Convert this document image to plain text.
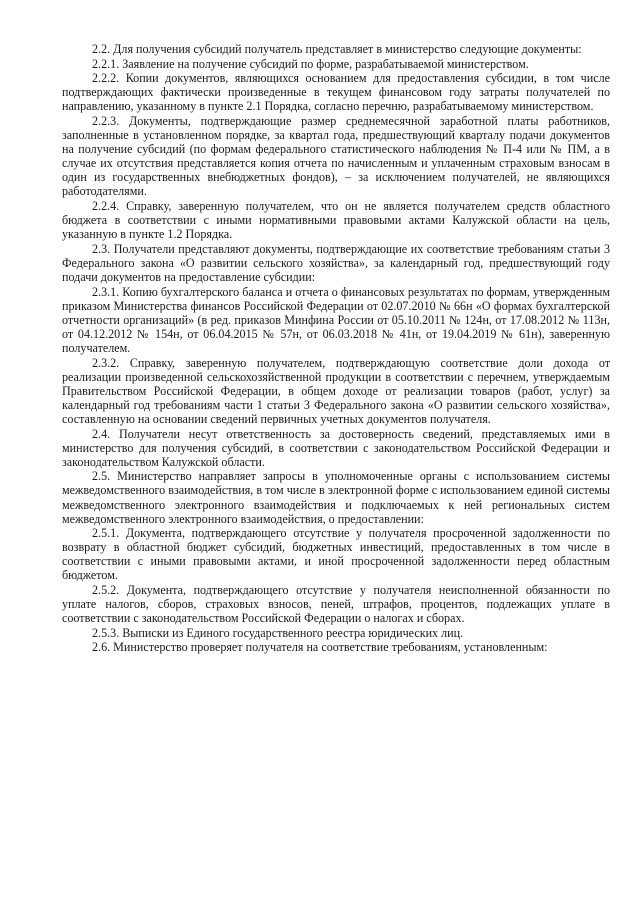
2.2. Для получения субсидий получатель представляет в министерство следующие документы:

2.2.1. Заявление на получение субсидий по форме, разрабатываемой министерством.

2.2.2. Копии документов, являющихся основанием для предоставления субсидии, в том числе подтверждающих фактически произведенные в текущем финансовом году затраты получателей по направлению, указанному в пункте 2.1 Порядка, согласно перечню, разрабатываемому министерством.

2.2.3. Документы, подтверждающие размер среднемесячной заработной платы работников, заполненные в установленном порядке, за квартал года, предшествующий кварталу подачи документов на получение субсидий (по формам федерального статистического наблюдения № П-4 или № ПМ, а в случае их отсутствия представляется копия отчета по начисленным и уплаченным страховым взносам в один из государственных внебюджетных фондов), – за исключением получателей, не являющихся работодателями.

2.2.4. Справку, заверенную получателем, что он не является получателем средств областного бюджета в соответствии с иными нормативными правовыми актами Калужской области на цель, указанную в пункте 1.2 Порядка.

2.3. Получатели представляют документы, подтверждающие их соответствие требованиям статьи 3 Федерального закона «О развитии сельского хозяйства», за календарный год, предшествующий году подачи документов на предоставление субсидии:

2.3.1. Копию бухгалтерского баланса и отчета о финансовых результатах по формам, утвержденным приказом Министерства финансов Российской Федерации от 02.07.2010 № 66н «О формах бухгалтерской отчетности организаций» (в ред. приказов Минфина России от 05.10.2011 № 124н, от 17.08.2012 № 113н, от 04.12.2012 № 154н, от 06.04.2015 № 57н, от 06.03.2018 № 41н, от 19.04.2019 № 61н), заверенную получателем.

2.3.2. Справку, заверенную получателем, подтверждающую соответствие доли дохода от реализации произведенной сельскохозяйственной продукции в соответствии с перечнем, утверждаемым Правительством Российской Федерации, в общем доходе от реализации товаров (работ, услуг) за календарный год требованиям части 1 статьи 3 Федерального закона «О развитии сельского хозяйства», составленную на основании сведений первичных учетных документов получателя.

2.4. Получатели несут ответственность за достоверность сведений, представляемых ими в министерство для получения субсидий, в соответствии с законодательством Российской Федерации и законодательством Калужской области.

2.5. Министерство направляет запросы в уполномоченные органы с использованием системы межведомственного взаимодействия, в том числе в электронной форме с использованием единой системы межведомственного электронного взаимодействия и подключаемых к ней региональных систем межведомственного электронного взаимодействия, о предоставлении:

2.5.1. Документа, подтверждающего отсутствие у получателя просроченной задолженности по возврату в областной бюджет субсидий, бюджетных инвестиций, предоставленных в том числе в соответствии с иными правовыми актами, и иной просроченной задолженности перед областным бюджетом.

2.5.2. Документа, подтверждающего отсутствие у получателя неисполненной обязанности по уплате налогов, сборов, страховых взносов, пеней, штрафов, процентов, подлежащих уплате в соответствии с законодательством Российской Федерации о налогах и сборах.

2.5.3. Выписки из Единого государственного реестра юридических лиц.

2.6. Министерство проверяет получателя на соответствие требованиям, установленным:
